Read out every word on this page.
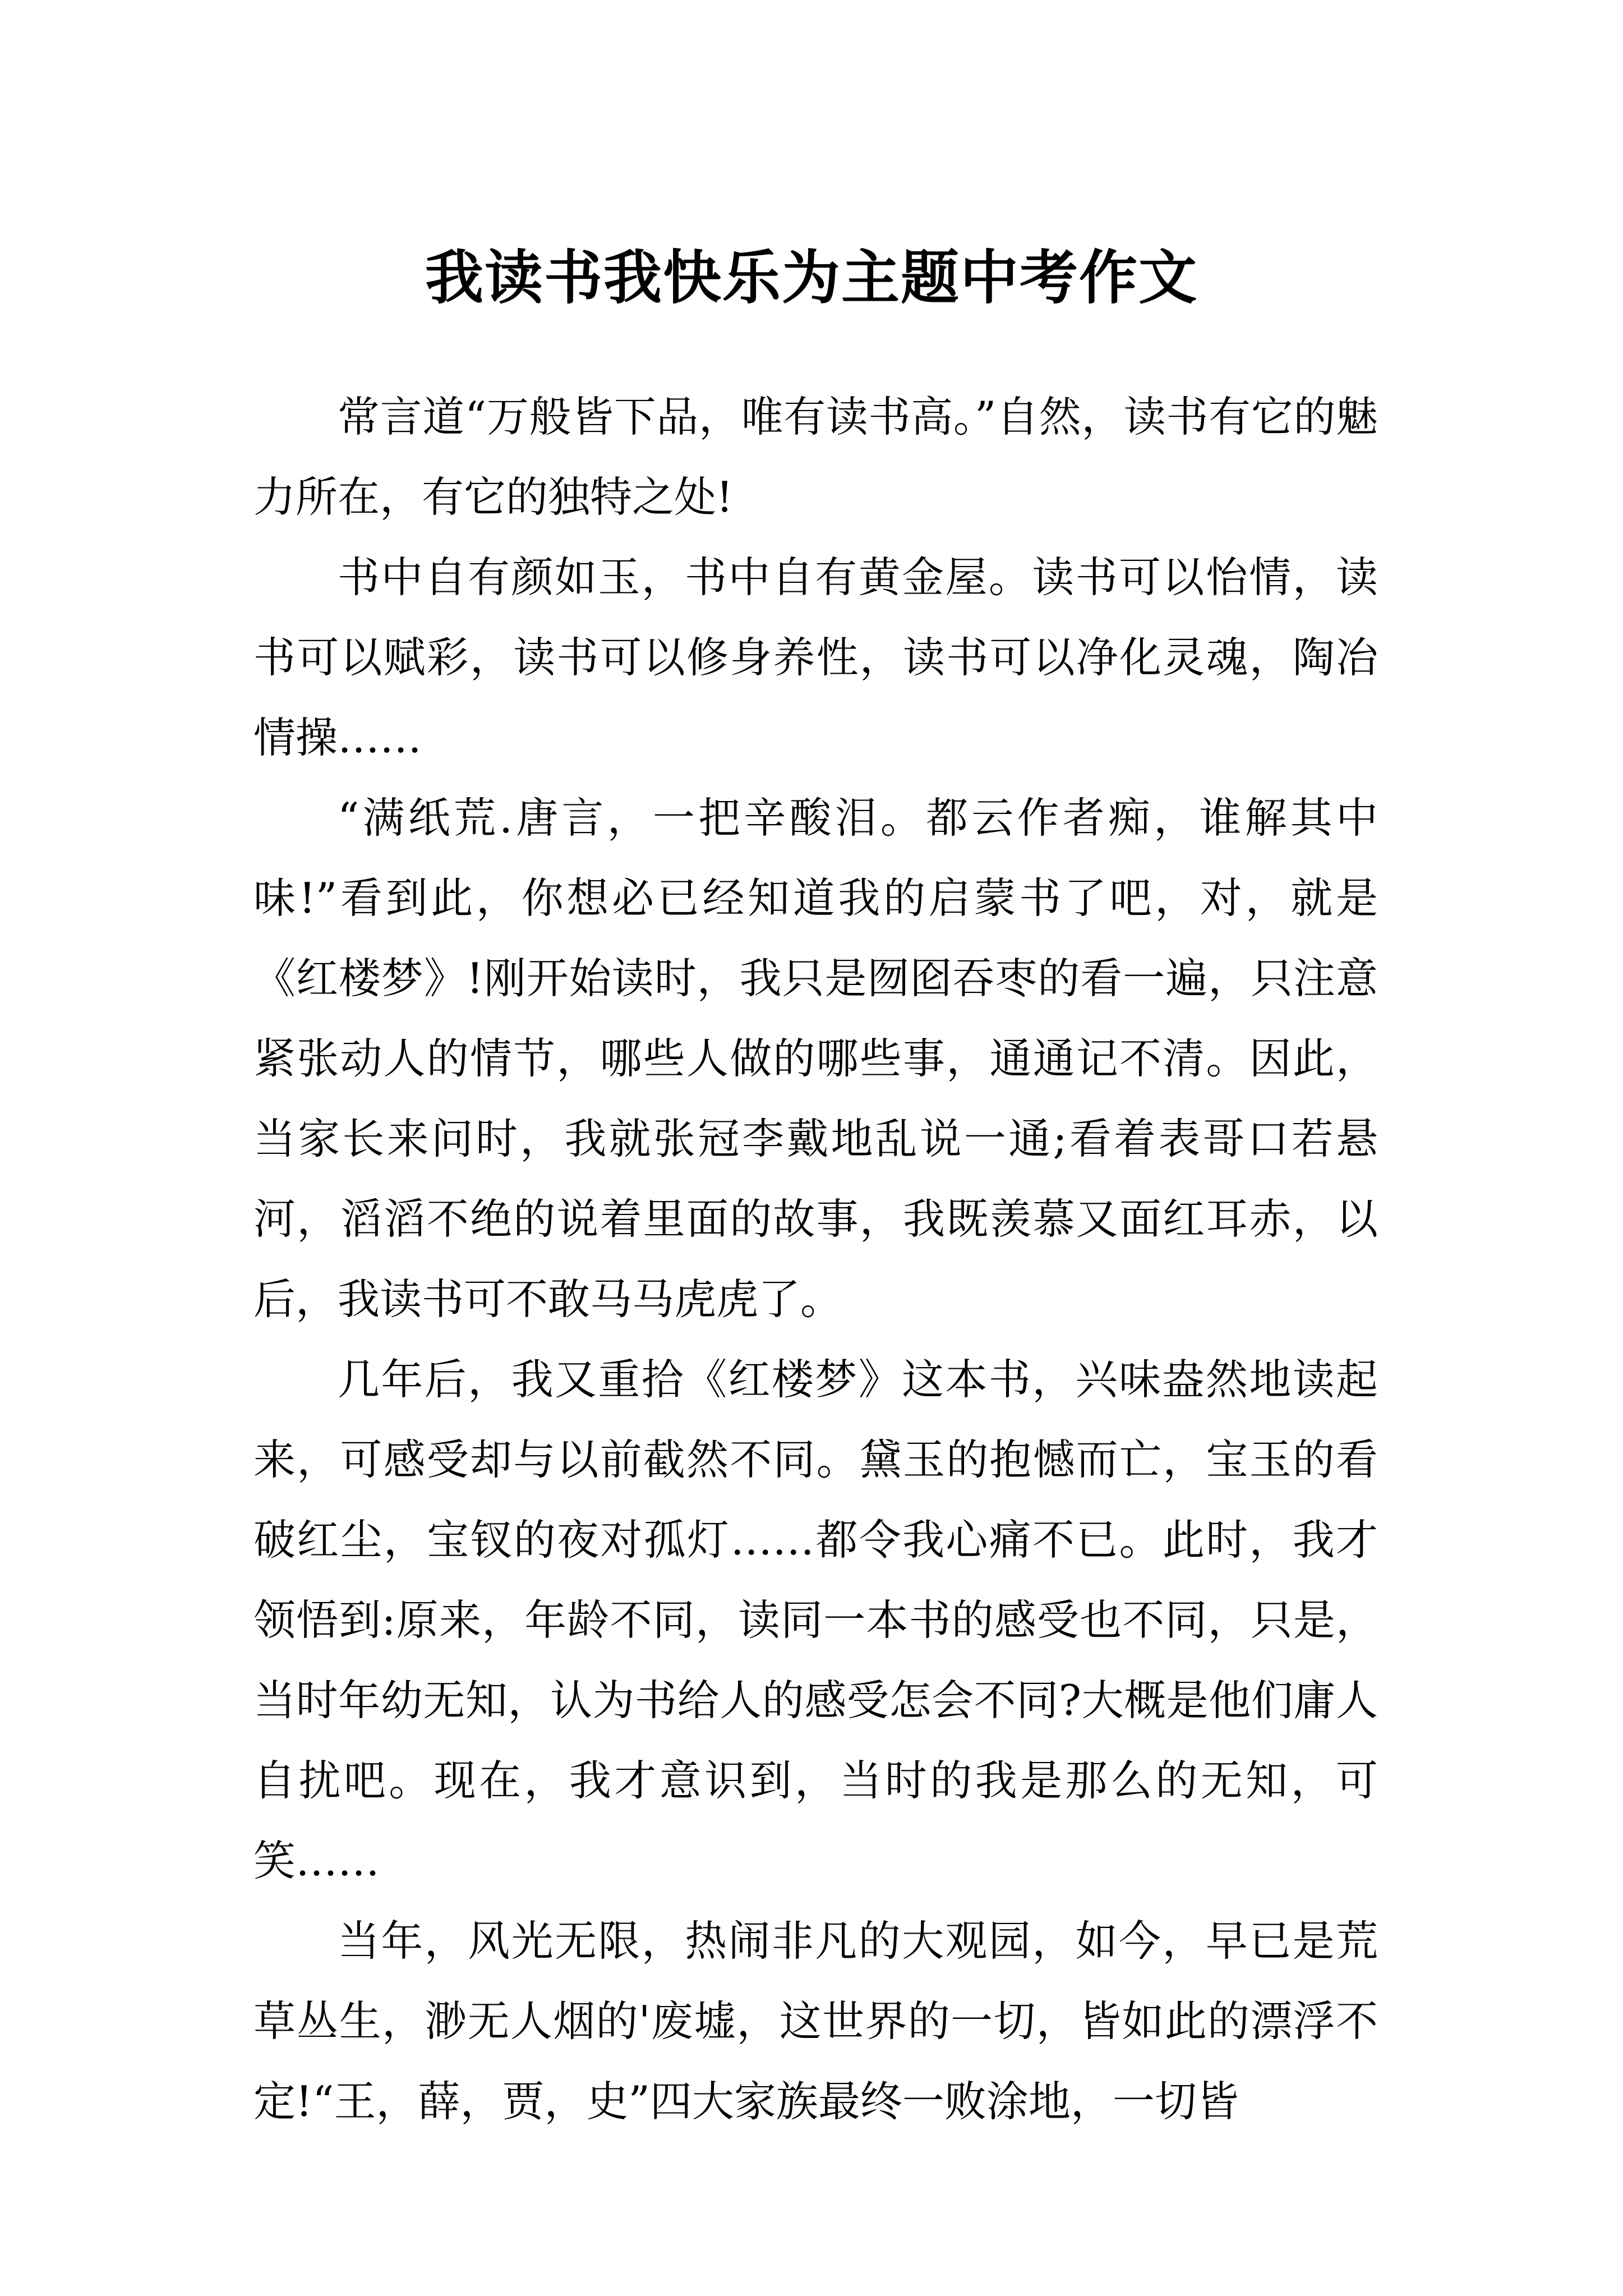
我读书我快乐为主题中考作文

常言道“万般皆下品，唯有读书高。”自然，读书有它的魅力所在，有它的独特之处!

书中自有颜如玉，书中自有黄金屋。读书可以怡情，读书可以赋彩，读书可以修身养性，读书可以净化灵魂，陶冶情操……

“满纸荒.唐言，一把辛酸泪。都云作者痴，谁解其中味!”看到此，你想必已经知道我的启蒙书了吧，对，就是《红楼梦》!刚开始读时，我只是囫囵吞枣的看一遍，只注意紧张动人的情节，哪些人做的哪些事，通通记不清。因此，当家长来问时，我就张冠李戴地乱说一通;看着表哥口若悬河，滔滔不绝的说着里面的故事，我既羡慕又面红耳赤，以后，我读书可不敢马马虎虎了。

几年后，我又重拾《红楼梦》这本书，兴味盎然地读起来，可感受却与以前截然不同。黛玉的抱憾而亡，宝玉的看破红尘，宝钗的夜对孤灯……都令我心痛不已。此时，我才领悟到:原来，年龄不同，读同一本书的感受也不同，只是，当时年幼无知，认为书给人的感受怎会不同?大概是他们庸人自扰吧。现在，我才意识到，当时的我是那么的无知，可笑……

当年，风光无限，热闹非凡的大观园，如今，早已是荒草丛生，渺无人烟的'废墟，这世界的一切，皆如此的漂浮不定!“王，薛，贾，史”四大家族最终一败涂地，一切皆
